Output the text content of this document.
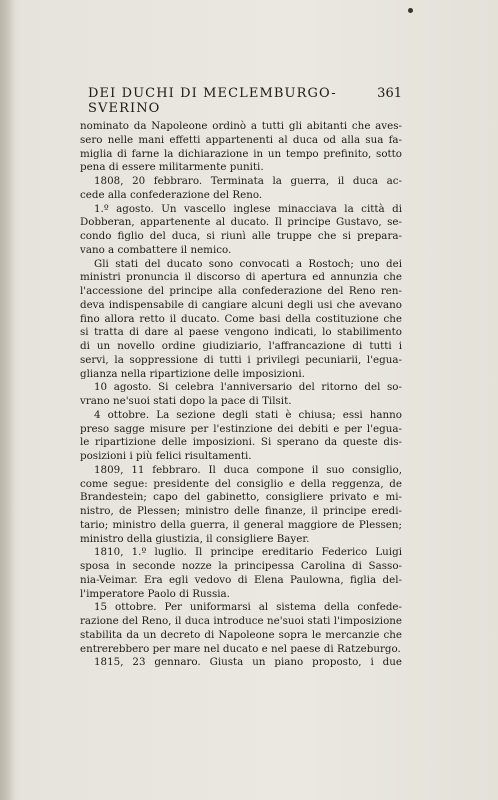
DEI DUCHI DI MECLEMBURGO-SVERINO
361
nominato da Napoleone ordinò a tutti gli abitanti che aves-
sero nelle mani effetti appartenenti al duca od alla sua fa-
miglia di farne la dichiarazione in un tempo prefinito, sotto
pena di essere militarmente puniti.
1808, 20 febbraro. Terminata la guerra, il duca ac-
cede alla confederazione del Reno.
1.º agosto. Un vascello inglese minacciava la città di
Dobberan, appartenente al ducato. Il principe Gustavo, se-
condo figlio del duca, si riunì alle truppe che si prepara-
vano a combattere il nemico.
Gli stati del ducato sono convocati a Rostoch; uno dei
ministri pronuncia il discorso di apertura ed annunzia che
l'accessione del principe alla confederazione del Reno ren-
deva indispensabile di cangiare alcuni degli usi che avevano
fino allora retto il ducato. Come basi della costituzione che
si tratta di dare al paese vengono indicati, lo stabilimento
di un novello ordine giudiziario, l'affrancazione di tutti i
servi, la soppressione di tutti i privilegi pecuniarii, l'egua-
glianza nella ripartizione delle imposizioni.
10 agosto. Si celebra l'anniversario del ritorno del so-
vrano ne'suoi stati dopo la pace di Tilsit.
4 ottobre. La sezione degli stati è chiusa; essi hanno
preso sagge misure per l'estinzione dei debiti e per l'egua-
le ripartizione delle imposizioni. Si sperano da queste dis-
posizioni i più felici risultamenti.
1809, 11 febbraro. Il duca compone il suo consiglio,
come segue: presidente del consiglio e della reggenza, de
Brandestein; capo del gabinetto, consigliere privato e mi-
nistro, de Plessen; ministro delle finanze, il principe eredi-
tario; ministro della guerra, il general maggiore de Plessen;
ministro della giustizia, il consigliere Bayer.
1810, 1.º luglio. Il principe ereditario Federico Luigi
sposa in seconde nozze la principessa Carolina di Sasso-
nia-Veimar. Era egli vedovo di Elena Paulowna, figlia del-
l'imperatore Paolo di Russia.
15 ottobre. Per uniformarsi al sistema della confede-
razione del Reno, il duca introduce ne'suoi stati l'imposizione
stabilita da un decreto di Napoleone sopra le mercanzie che
entrerebbero per mare nel ducato e nel paese di Ratzeburgo.
1815, 23 gennaro. Giusta un piano proposto, i due
